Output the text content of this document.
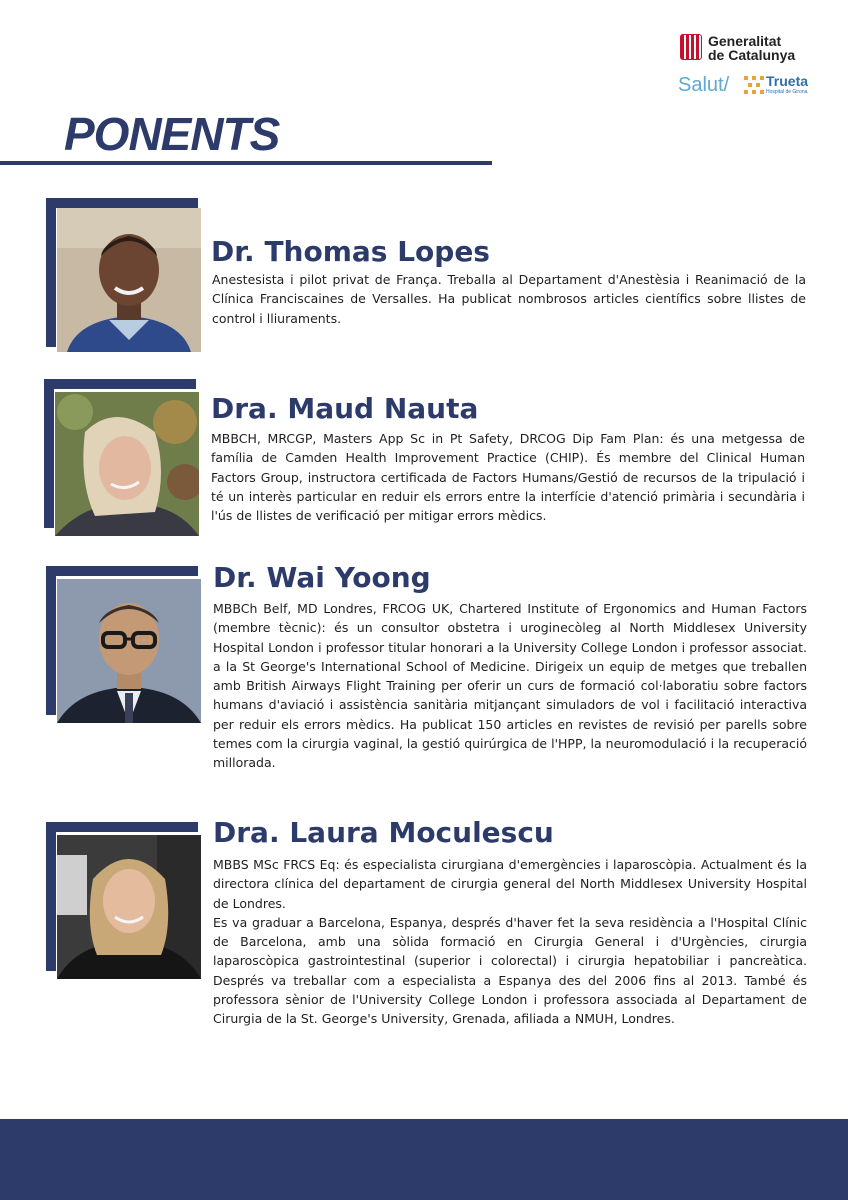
Generalitat
de Catalunya
Salut/	Trueta
Hospital de Girona
PONENTS
Dr. Thomas Lopes

Anestesista i pilot privat de França. Treballa al Departament d'Anestèsia i Reanimació de la Clínica Franciscaines de Versalles. Ha publicat nombrosos articles científics sobre llistes de control i lliuraments.

Dra. Maud Nauta

MBBCH, MRCGP, Masters App Sc in Pt Safety, DRCOG Dip Fam Plan: és una metgessa de família de Camden Health Improvement Practice (CHIP). És membre del Clinical Human Factors Group, instructora certificada de Factors Humans/Gestió de recursos de la tripulació i té un interès particular en reduir els errors entre la interfície d'atenció primària i secundària i l'ús de llistes de verificació per mitigar errors mèdics.

Dr. Wai Yoong

MBBCh Belf, MD Londres, FRCOG UK, Chartered Institute of Ergonomics and Human Factors (membre tècnic): és un consultor obstetra i uroginecòleg al North Middlesex University Hospital London i professor titular honorari a la University College London i professor associat. a la St George's International School of Medicine. Dirigeix un equip de metges que treballen amb British Airways Flight Training per oferir un curs de formació col·laboratiu sobre factors humans d'aviació i assistència sanitària mitjançant simuladors de vol i facilitació interactiva per reduir els errors mèdics. Ha publicat 150 articles en revistes de revisió per parells sobre temes com la cirurgia vaginal, la gestió quirúrgica de l'HPP, la neuromodulació i la recuperació millorada.

Dra. Laura Moculescu

MBBS MSc FRCS Eq: és especialista cirurgiana d'emergències i laparoscòpia. Actualment és la directora clínica del departament de cirurgia general del North Middlesex University Hospital de Londres.

Es va graduar a Barcelona, Espanya, després d'haver fet la seva residència a l'Hospital Clínic de Barcelona, amb una sòlida formació en Cirurgia General i d'Urgències, cirurgia laparoscòpica gastrointestinal (superior i colorectal) i cirurgia hepatobiliar i pancreàtica. Després va treballar com a especialista a Espanya des del 2006 fins al 2013. També és professora sènior de l'University College London i professora associada al Departament de Cirurgia de la St. George's University, Grenada, afiliada a NMUH, Londres.
